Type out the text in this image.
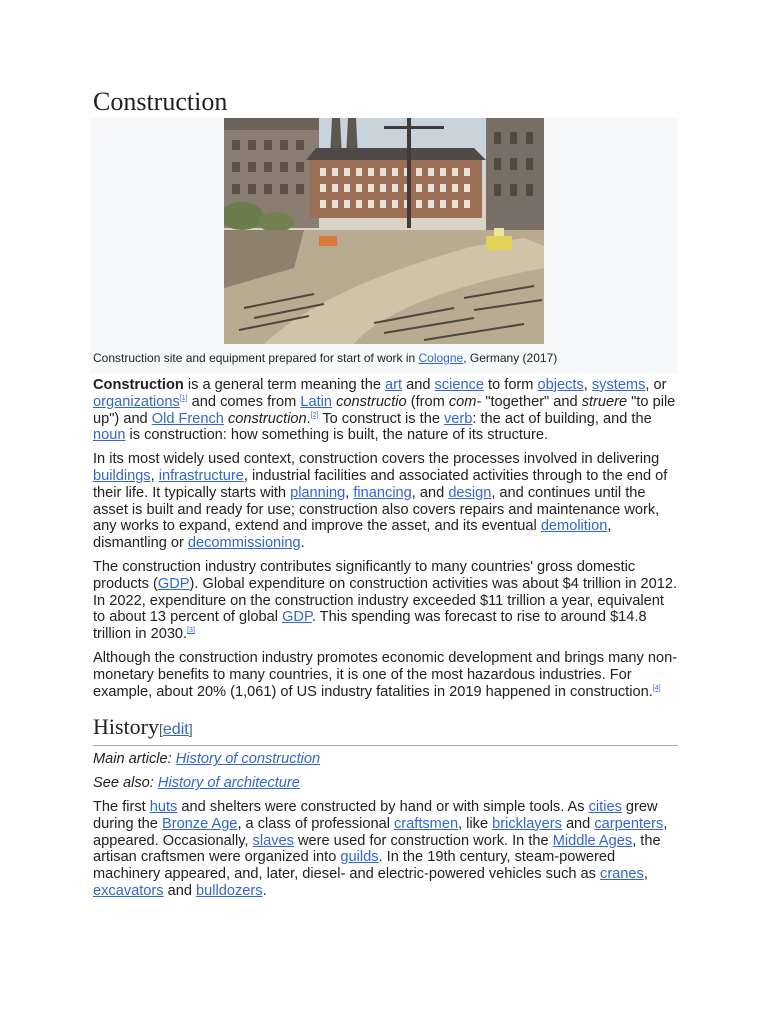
Construction
Construction site and equipment prepared for start of work in Cologne, Germany (2017)

Construction is a general term meaning the art and science to form objects, systems, or organizations[1] and comes from Latin constructio (from com- "together" and struere "to pile up") and Old French construction.[2] To construct is the verb: the act of building, and the noun is construction: how something is built, the nature of its structure.

In its most widely used context, construction covers the processes involved in delivering buildings, infrastructure, industrial facilities and associated activities through to the end of their life. It typically starts with planning, financing, and design, and continues until the asset is built and ready for use; construction also covers repairs and maintenance work, any works to expand, extend and improve the asset, and its eventual demolition, dismantling or decommissioning.

The construction industry contributes significantly to many countries' gross domestic products (GDP). Global expenditure on construction activities was about $4 trillion in 2012. In 2022, expenditure on the construction industry exceeded $11 trillion a year, equivalent to about 13 percent of global GDP. This spending was forecast to rise to around $14.8 trillion in 2030.[3]

Although the construction industry promotes economic development and brings many non-monetary benefits to many countries, it is one of the most hazardous industries. For example, about 20% (1,061) of US industry fatalities in 2019 happened in construction.[4]

History[edit]
Main article: History of construction
See also: History of architecture

The first huts and shelters were constructed by hand or with simple tools. As cities grew during the Bronze Age, a class of professional craftsmen, like bricklayers and carpenters, appeared. Occasionally, slaves were used for construction work. In the Middle Ages, the artisan craftsmen were organized into guilds. In the 19th century, steam-powered machinery appeared, and, later, diesel- and electric-powered vehicles such as cranes, excavators and bulldozers.
